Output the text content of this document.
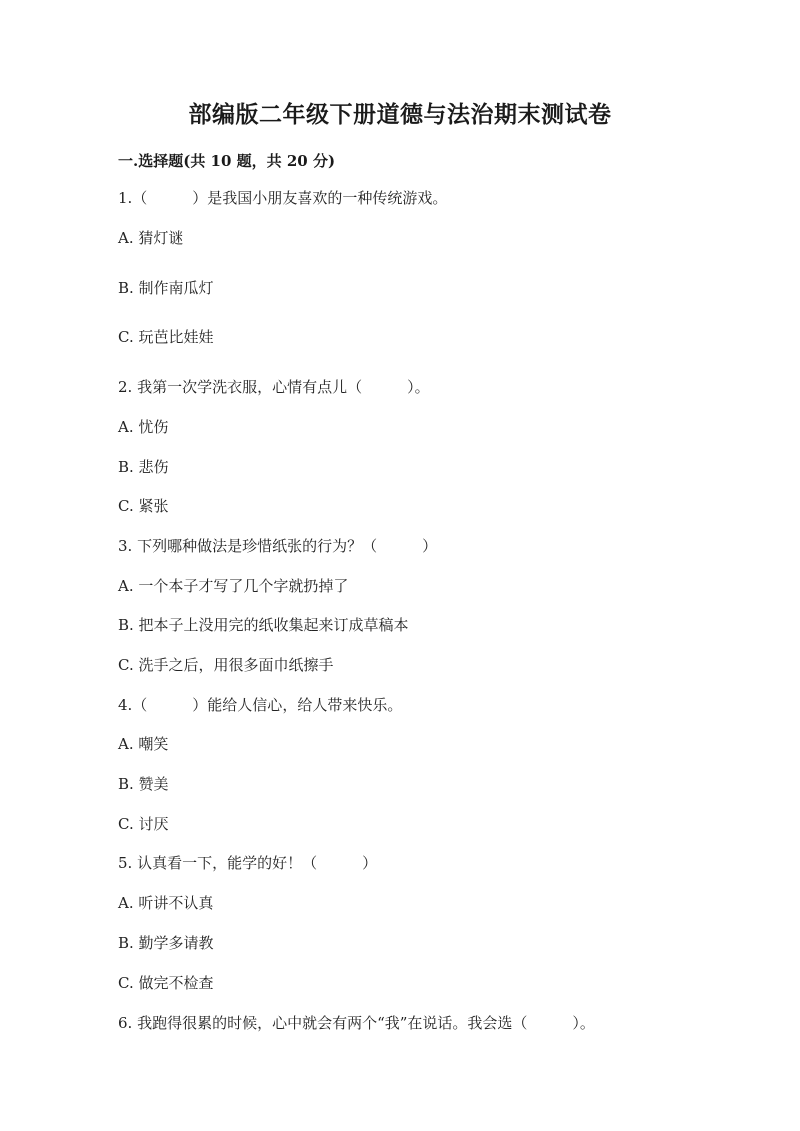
部编版二年级下册道德与法治期末测试卷
一.选择题(共 10 题，共 20 分)
1.（　　　）是我国小朋友喜欢的一种传统游戏。
A. 猜灯谜
B. 制作南瓜灯
C. 玩芭比娃娃
2. 我第一次学洗衣服，心情有点儿（　　　）。
A. 忧伤
B. 悲伤
C. 紧张
3. 下列哪种做法是珍惜纸张的行为？（　　　）
A. 一个本子才写了几个字就扔掉了
B. 把本子上没用完的纸收集起来订成草稿本
C. 洗手之后，用很多面巾纸擦手
4.（　　　）能给人信心，给人带来快乐。
A. 嘲笑
B. 赞美
C. 讨厌
5. 认真看一下，能学的好！（　　　）
A. 听讲不认真
B. 勤学多请教
C. 做完不检查
6. 我跑得很累的时候，心中就会有两个“我”在说话。我会选（　　　）。
